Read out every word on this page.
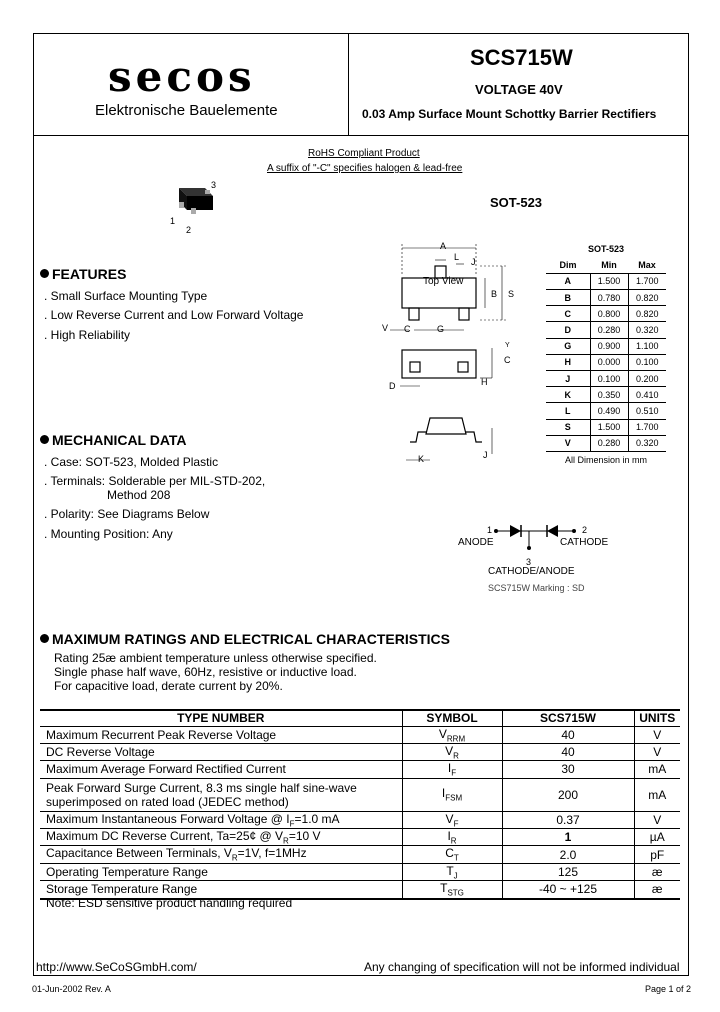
secos
Elektronische Bauelemente
SCS715W
VOLTAGE 40V
0.03 Amp Surface Mount Schottky Barrier Rectifiers
RoHS Compliant Product
A suffix of "-C" specifies halogen & lead-free
3
1
2
SOT-523
Top View
A
L J
B S
V C	G
Y
C
D	H
K	J
SOT-523		
Dim	Min	Max
A	1.500	1.700
B	0.780	0.820
C	0.800	0.820
D	0.280	0.320
G	0.900	1.100
H	0.000	0.100
J	0.100	0.200
K	0.350	0.410
L	0.490	0.510
S	1.500	1.700
V	0.280	0.320
All Dimension in mm		
FEATURES
. Small Surface Mounting Type
. Low Reverse Current and Low Forward Voltage
. High Reliability
MECHANICAL DATA
. Case: SOT-523, Molded Plastic
. Terminals: Solderable per MIL-STD-202,
Method 208
. Polarity: See Diagrams Below
. Mounting Position: Any	1	2
3
ANODE	CATHODE
CATHODE/ANODE
SCS715W Marking : SD
MAXIMUM RATINGS AND ELECTRICAL CHARACTERISTICS
Rating 25æ ambient temperature unless otherwise specified.
Single phase half wave, 60Hz, resistive or inductive load.
For capacitive load, derate current by 20%.
TYPE NUMBER	SYMBOL	SCS715W	UNITS
Maximum Recurrent Peak Reverse Voltage	$V_{RRM}$	40	V
DC Reverse Voltage	$V_R$	40	V
Maximum Average Forward Rectified Current	$I_F$	30	mA

Peak Forward Surge Current, 8.3 ms single half sine-wave
superimposed on rated load (JEDEC method)	$I_{FSM}$	200	mA
Maximum Instantaneous Forward Voltage @ $I_F=1.0$ mA	$V_F$	0.37	V
Maximum DC Reverse Current, Ta=25¢ @ $V_R=10$ V	$I_R$	1	µA
Capacitance Between Terminals, $V_R=1V$, f=1MHz	$C_T$	2.0	pF
Operating Temperature Range	$T_J$	125	æ
Storage Temperature Range	$T_{STG}$	-40 ~ +125	æ
Note: ESD sensitive product handling required
http://www.SeCoSGmbH.com/	Any changing of specification will not be informed individual
01-Jun-2002 Rev. A	Page 1 of 2
